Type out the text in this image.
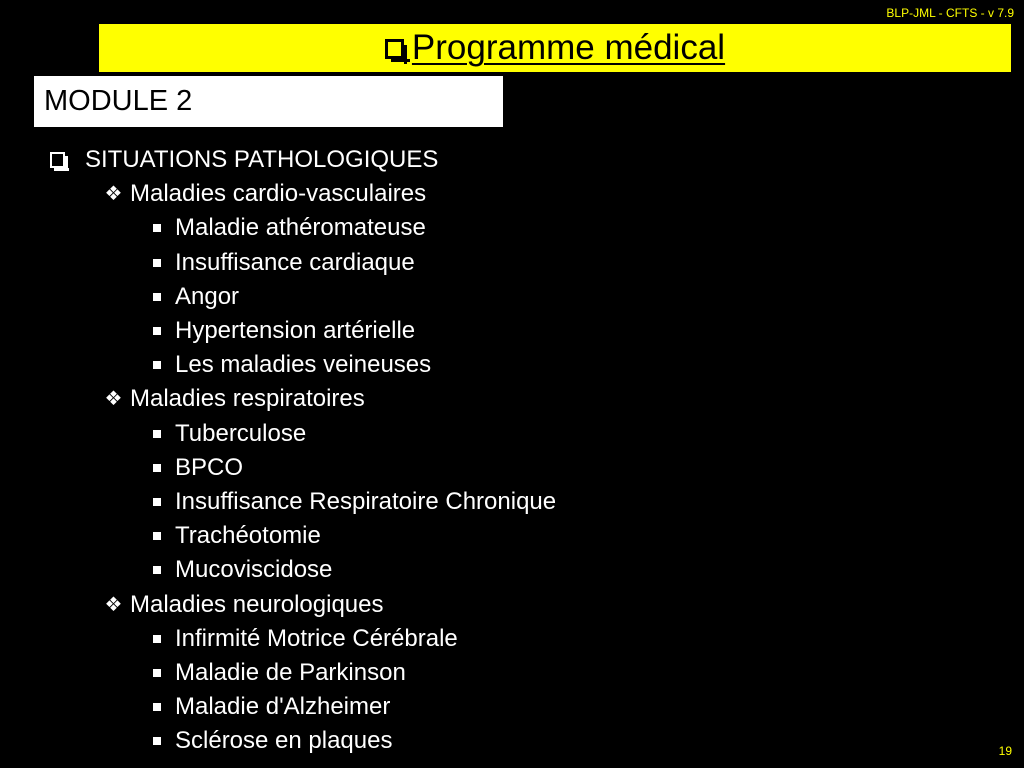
BLP-JML - CFTS - v 7.9
Programme médical
MODULE 2
SITUATIONS PATHOLOGIQUES
❖ Maladies cardio-vasculaires
Maladie athéromateuse
Insuffisance cardiaque
Angor
Hypertension artérielle
Les maladies veineuses
❖ Maladies respiratoires
Tuberculose
BPCO
Insuffisance Respiratoire Chronique
Trachéotomie
Mucoviscidose
❖ Maladies neurologiques
Infirmité Motrice Cérébrale
Maladie de Parkinson
Maladie d'Alzheimer
Sclérose en plaques	19
